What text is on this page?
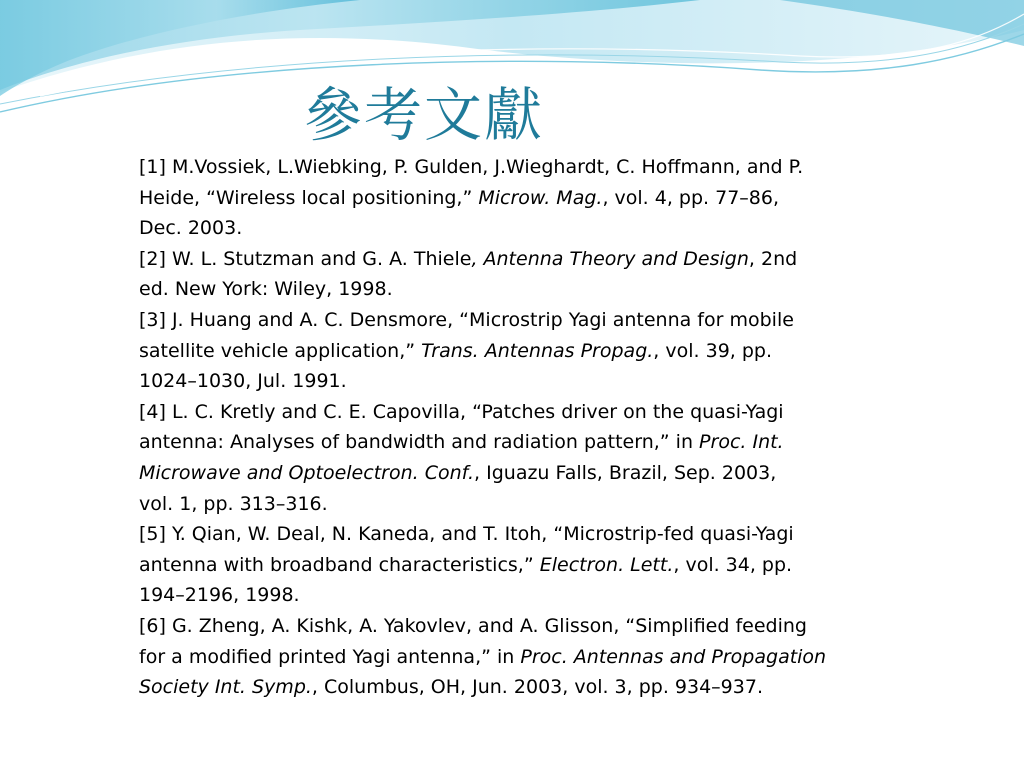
參考文獻
[1] M.Vossiek, L.Wiebking, P. Gulden, J.Wieghardt, C. Hoffmann, and P.
Heide, “Wireless local positioning,” Microw. Mag., vol. 4, pp. 77–86,
Dec. 2003.
[2] W. L. Stutzman and G. A. Thiele, Antenna Theory and Design, 2nd
ed. New York: Wiley, 1998.
[3] J. Huang and A. C. Densmore, “Microstrip Yagi antenna for mobile
satellite vehicle application,” Trans. Antennas Propag., vol. 39, pp.
1024–1030, Jul. 1991.
[4] L. C. Kretly and C. E. Capovilla, “Patches driver on the quasi-Yagi
antenna: Analyses of bandwidth and radiation pattern,” in Proc. Int.
Microwave and Optoelectron. Conf., Iguazu Falls, Brazil, Sep. 2003,
vol. 1, pp. 313–316.
[5] Y. Qian, W. Deal, N. Kaneda, and T. Itoh, “Microstrip-fed quasi-Yagi
antenna with broadband characteristics,” Electron. Lett., vol. 34, pp.
194–2196, 1998.
[6] G. Zheng, A. Kishk, A. Yakovlev, and A. Glisson, “Simplified feeding
for a modified printed Yagi antenna,” in Proc. Antennas and Propagation
Society Int. Symp., Columbus, OH, Jun. 2003, vol. 3, pp. 934–937.
